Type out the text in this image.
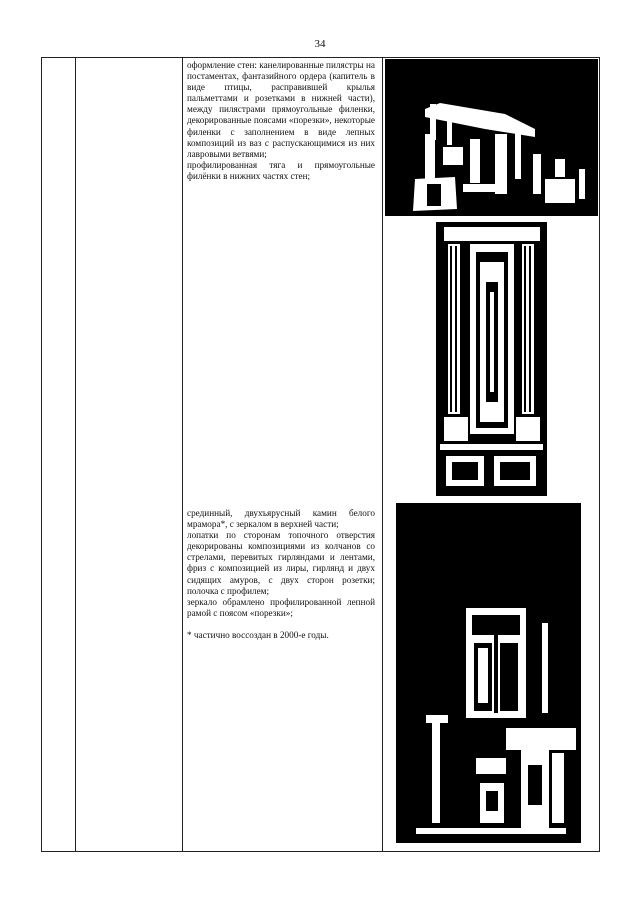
34

оформление стен: канелированные пилястры на постаментах, фантазийного ордера (капитель в виде птицы, расправившей крылья пальметтами и розетками в нижней части), между пилястрами прямоугольные филенки, декорированные поясами «порезки», некоторые филенки с заполнением в виде лепных композиций из ваз с распускающимися из них лавровыми ветвями;

профилированная тяга и прямоугольные филёнки в нижних частях стен;

срединный, двухъярусный камин белого мрамора*, с зеркалом в верхней части;

лопатки по сторонам топочного отверстия декорированы композициями из колчанов со стрелами, перевитых гирляндами и лентами, фриз с композицией из лиры, гирлянд и двух сидящих амуров, с двух сторон розетки; полочка с профилем;

зеркало обрамлено профилированной лепной рамой с поясом «порезки»;

* частично воссоздан в 2000-е годы.
